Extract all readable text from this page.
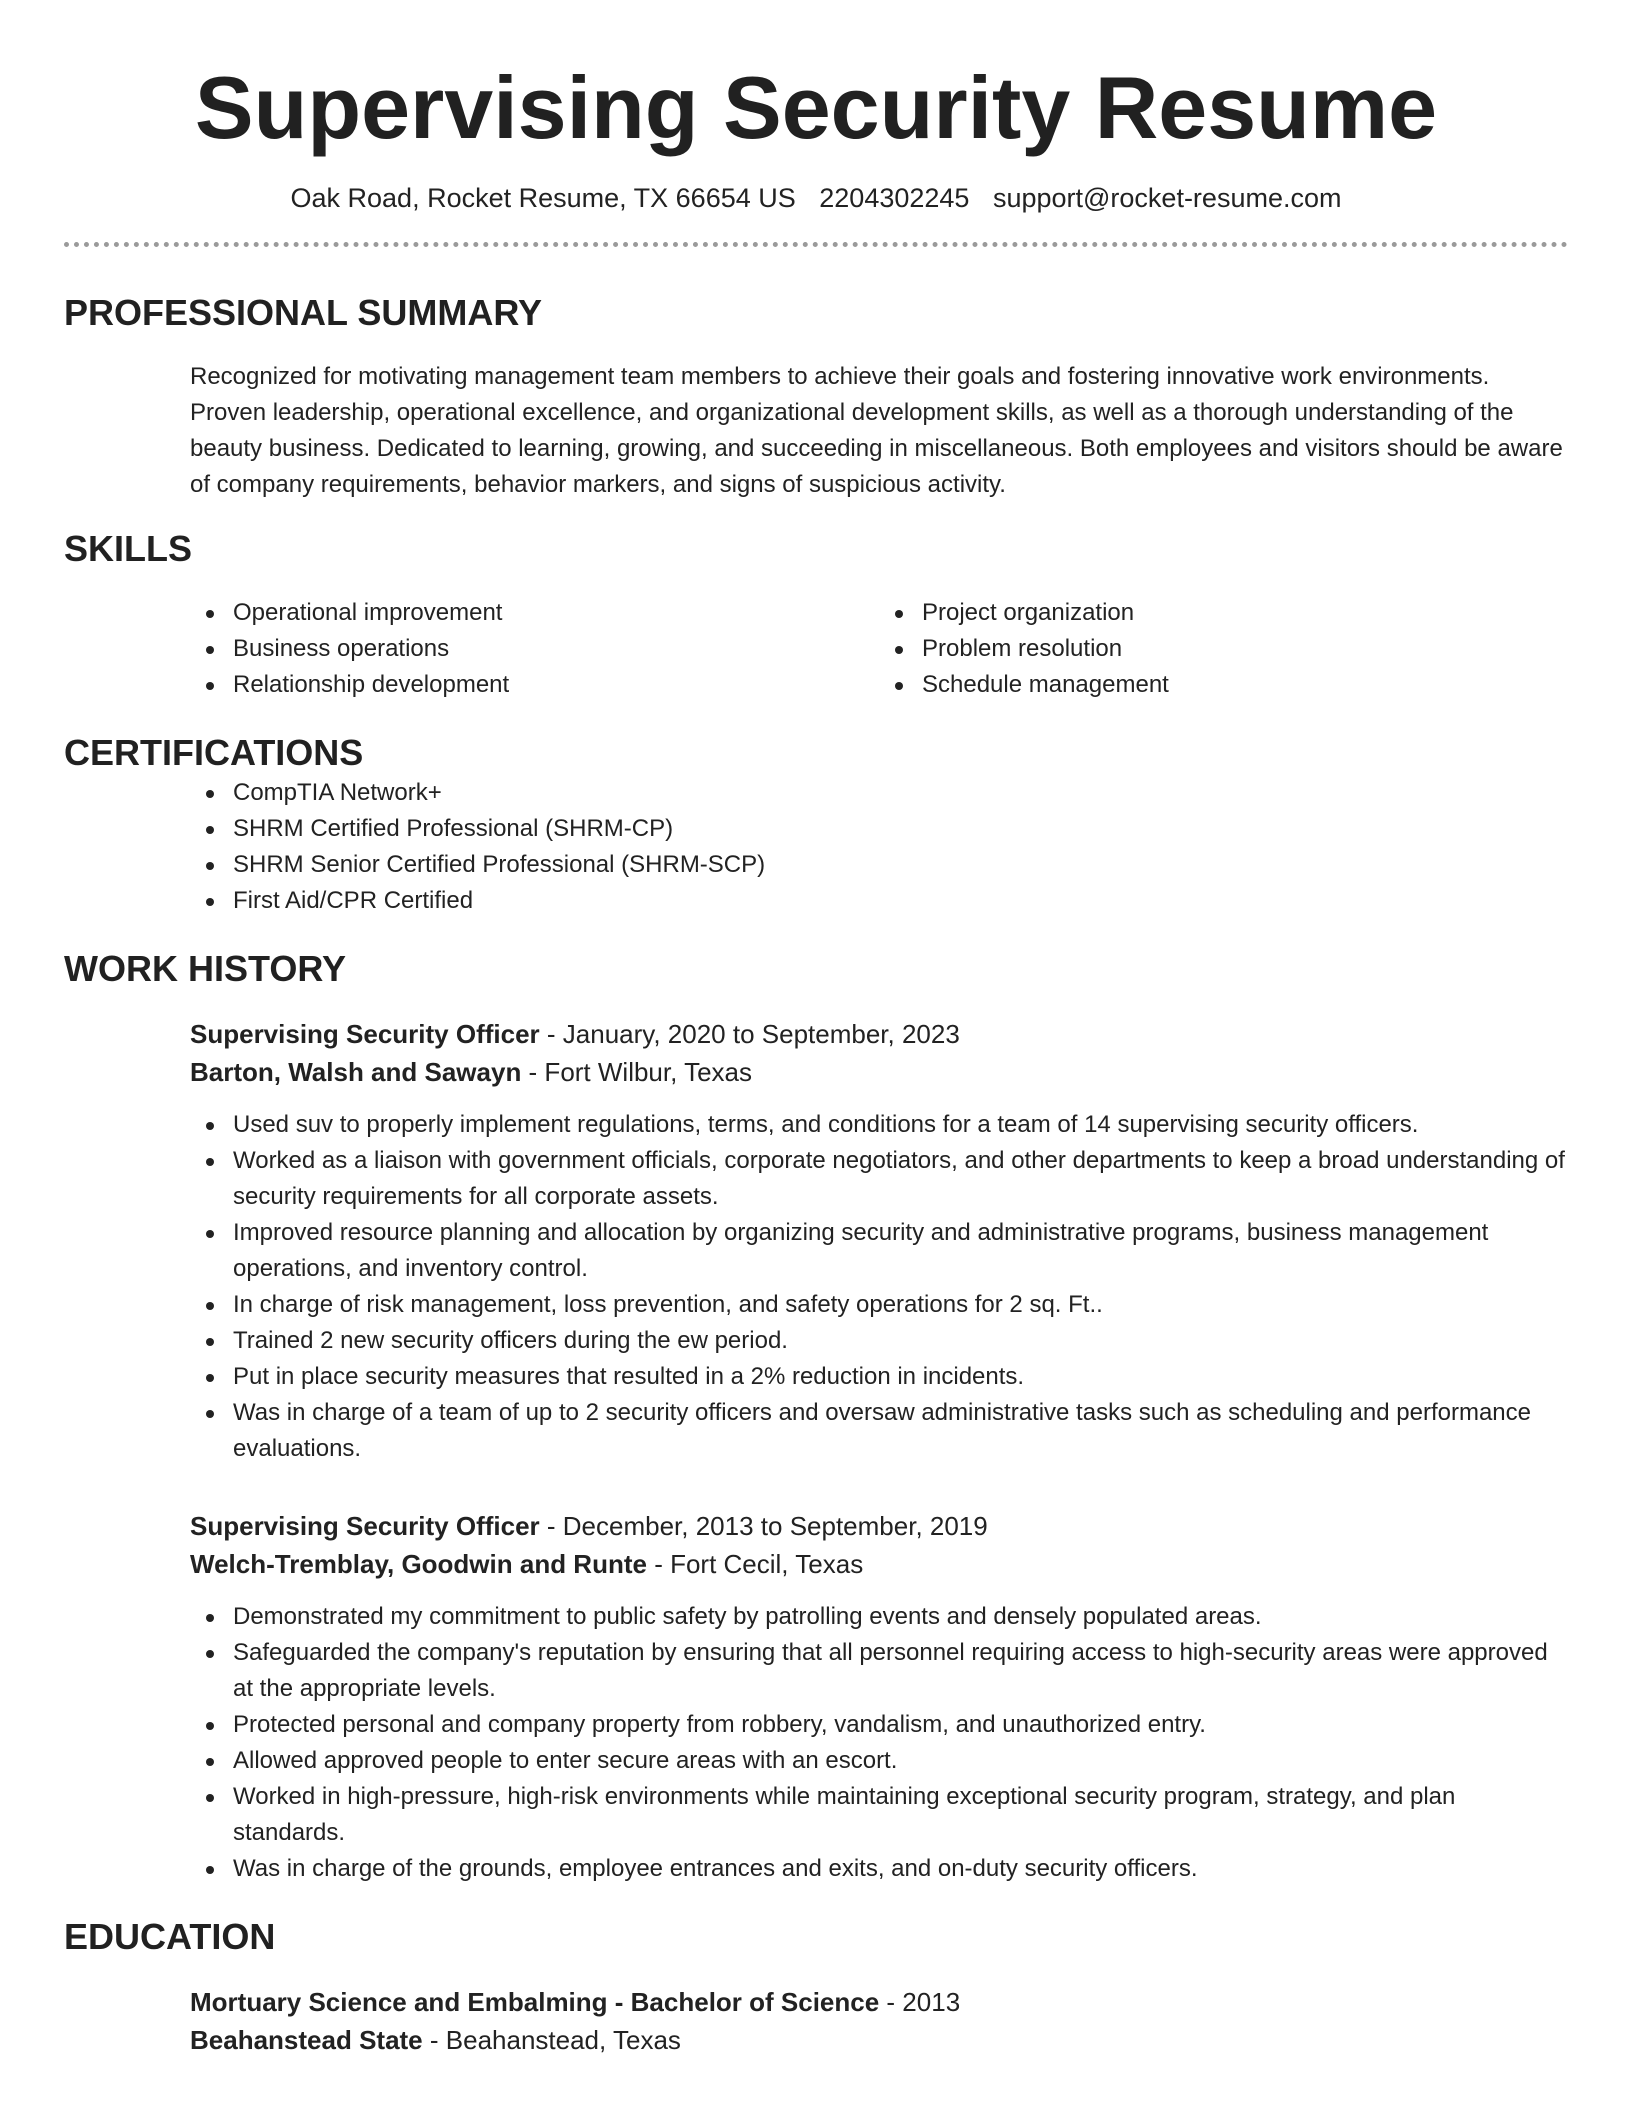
Supervising Security Resume
Oak Road, Rocket Resume, TX 66654 US 2204302245 support@rocket-resume.com
PROFESSIONAL SUMMARY

Recognized for motivating management team members to achieve their goals and fostering innovative work environments. Proven leadership, operational excellence, and organizational development skills, as well as a thorough understanding of the beauty business. Dedicated to learning, growing, and succeeding in miscellaneous. Both employees and visitors should be aware of company requirements, behavior markers, and signs of suspicious activity.

SKILLS
Operational improvement
Business operations
Relationship development
Project organization
Problem resolution
Schedule management
CERTIFICATIONS
CompTIA Network+
SHRM Certified Professional (SHRM-CP)
SHRM Senior Certified Professional (SHRM-SCP)
First Aid/CPR Certified
WORK HISTORY
Supervising Security Officer - January, 2020 to September, 2023
Barton, Walsh and Sawayn - Fort Wilbur, Texas
Used suv to properly implement regulations, terms, and conditions for a team of 14 supervising security officers.
Worked as a liaison with government officials, corporate negotiators, and other departments to keep a broad understanding of security requirements for all corporate assets.
Improved resource planning and allocation by organizing security and administrative programs, business management operations, and inventory control.
In charge of risk management, loss prevention, and safety operations for 2 sq. Ft..
Trained 2 new security officers during the ew period.
Put in place security measures that resulted in a 2% reduction in incidents.
Was in charge of a team of up to 2 security officers and oversaw administrative tasks such as scheduling and performance evaluations.
Supervising Security Officer - December, 2013 to September, 2019
Welch-Tremblay, Goodwin and Runte - Fort Cecil, Texas
Demonstrated my commitment to public safety by patrolling events and densely populated areas.
Safeguarded the company's reputation by ensuring that all personnel requiring access to high-security areas were approved at the appropriate levels.
Protected personal and company property from robbery, vandalism, and unauthorized entry.
Allowed approved people to enter secure areas with an escort.
Worked in high-pressure, high-risk environments while maintaining exceptional security program, strategy, and plan standards.
Was in charge of the grounds, employee entrances and exits, and on-duty security officers.
EDUCATION
Mortuary Science and Embalming - Bachelor of Science - 2013
Beahanstead State - Beahanstead, Texas
